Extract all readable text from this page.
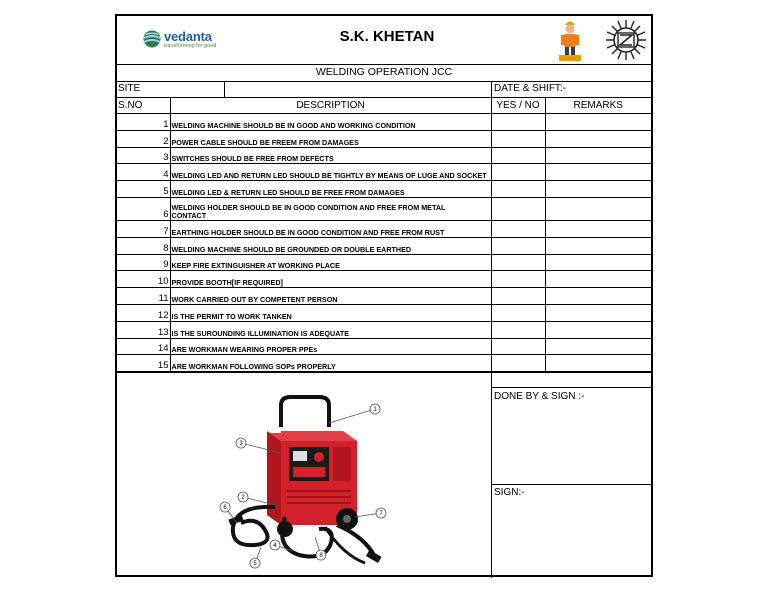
vedanta
transforming for good
S.K. KHETAN
WELDING OPERATION JCC
SITE	DATE & SHIFT:-
S.NO	DESCRIPTION	YES / NO	REMARKS
1	WELDING MACHINE SHOULD BE IN GOOD AND WORKING CONDITION		
2	POWER CABLE SHOULD BE FREEM FROM DAMAGES		
3	SWITCHES SHOULD BE FREE FROM DEFECTS		
4	WELDING LED AND RETURN LED SHOULD BE TIGHTLY BY MEANS OF LUGE AND SOCKET		
5	WELDING LED & RETURN LED SHOULD BE FREE FROM DAMAGES		
6	WELDING HOLDER SHOULD BE IN GOOD CONDITION AND FREE FROM METAL CONTACT		
7	EARTHING HOLDER SHOULD BE IN GOOD CONDITION AND FREE FROM RUST		
8	WELDING MACHINE SHOULD BE GROUNDED OR DOUBLE EARTHED		
9	KEEP FIRE EXTINGUISHER AT WORKING PLACE		
10	PROVIDE BOOTH[IF REQUIRED]		
11	WORK CARRIED OUT BY COMPETENT PERSON		
12	IS THE PERMIT TO WORK TANKEN		
13	IS THE SUROUNDING ILLUMINATION IS ADEQUATE		
14	ARE WORKMAN WEARING PROPER PPEs		
15	ARE WORKMAN FOLLOWING SOPs PROPERLY		
3
1
2
6
7
4
5
8
DONE BY & SIGN :-
SIGN:-
